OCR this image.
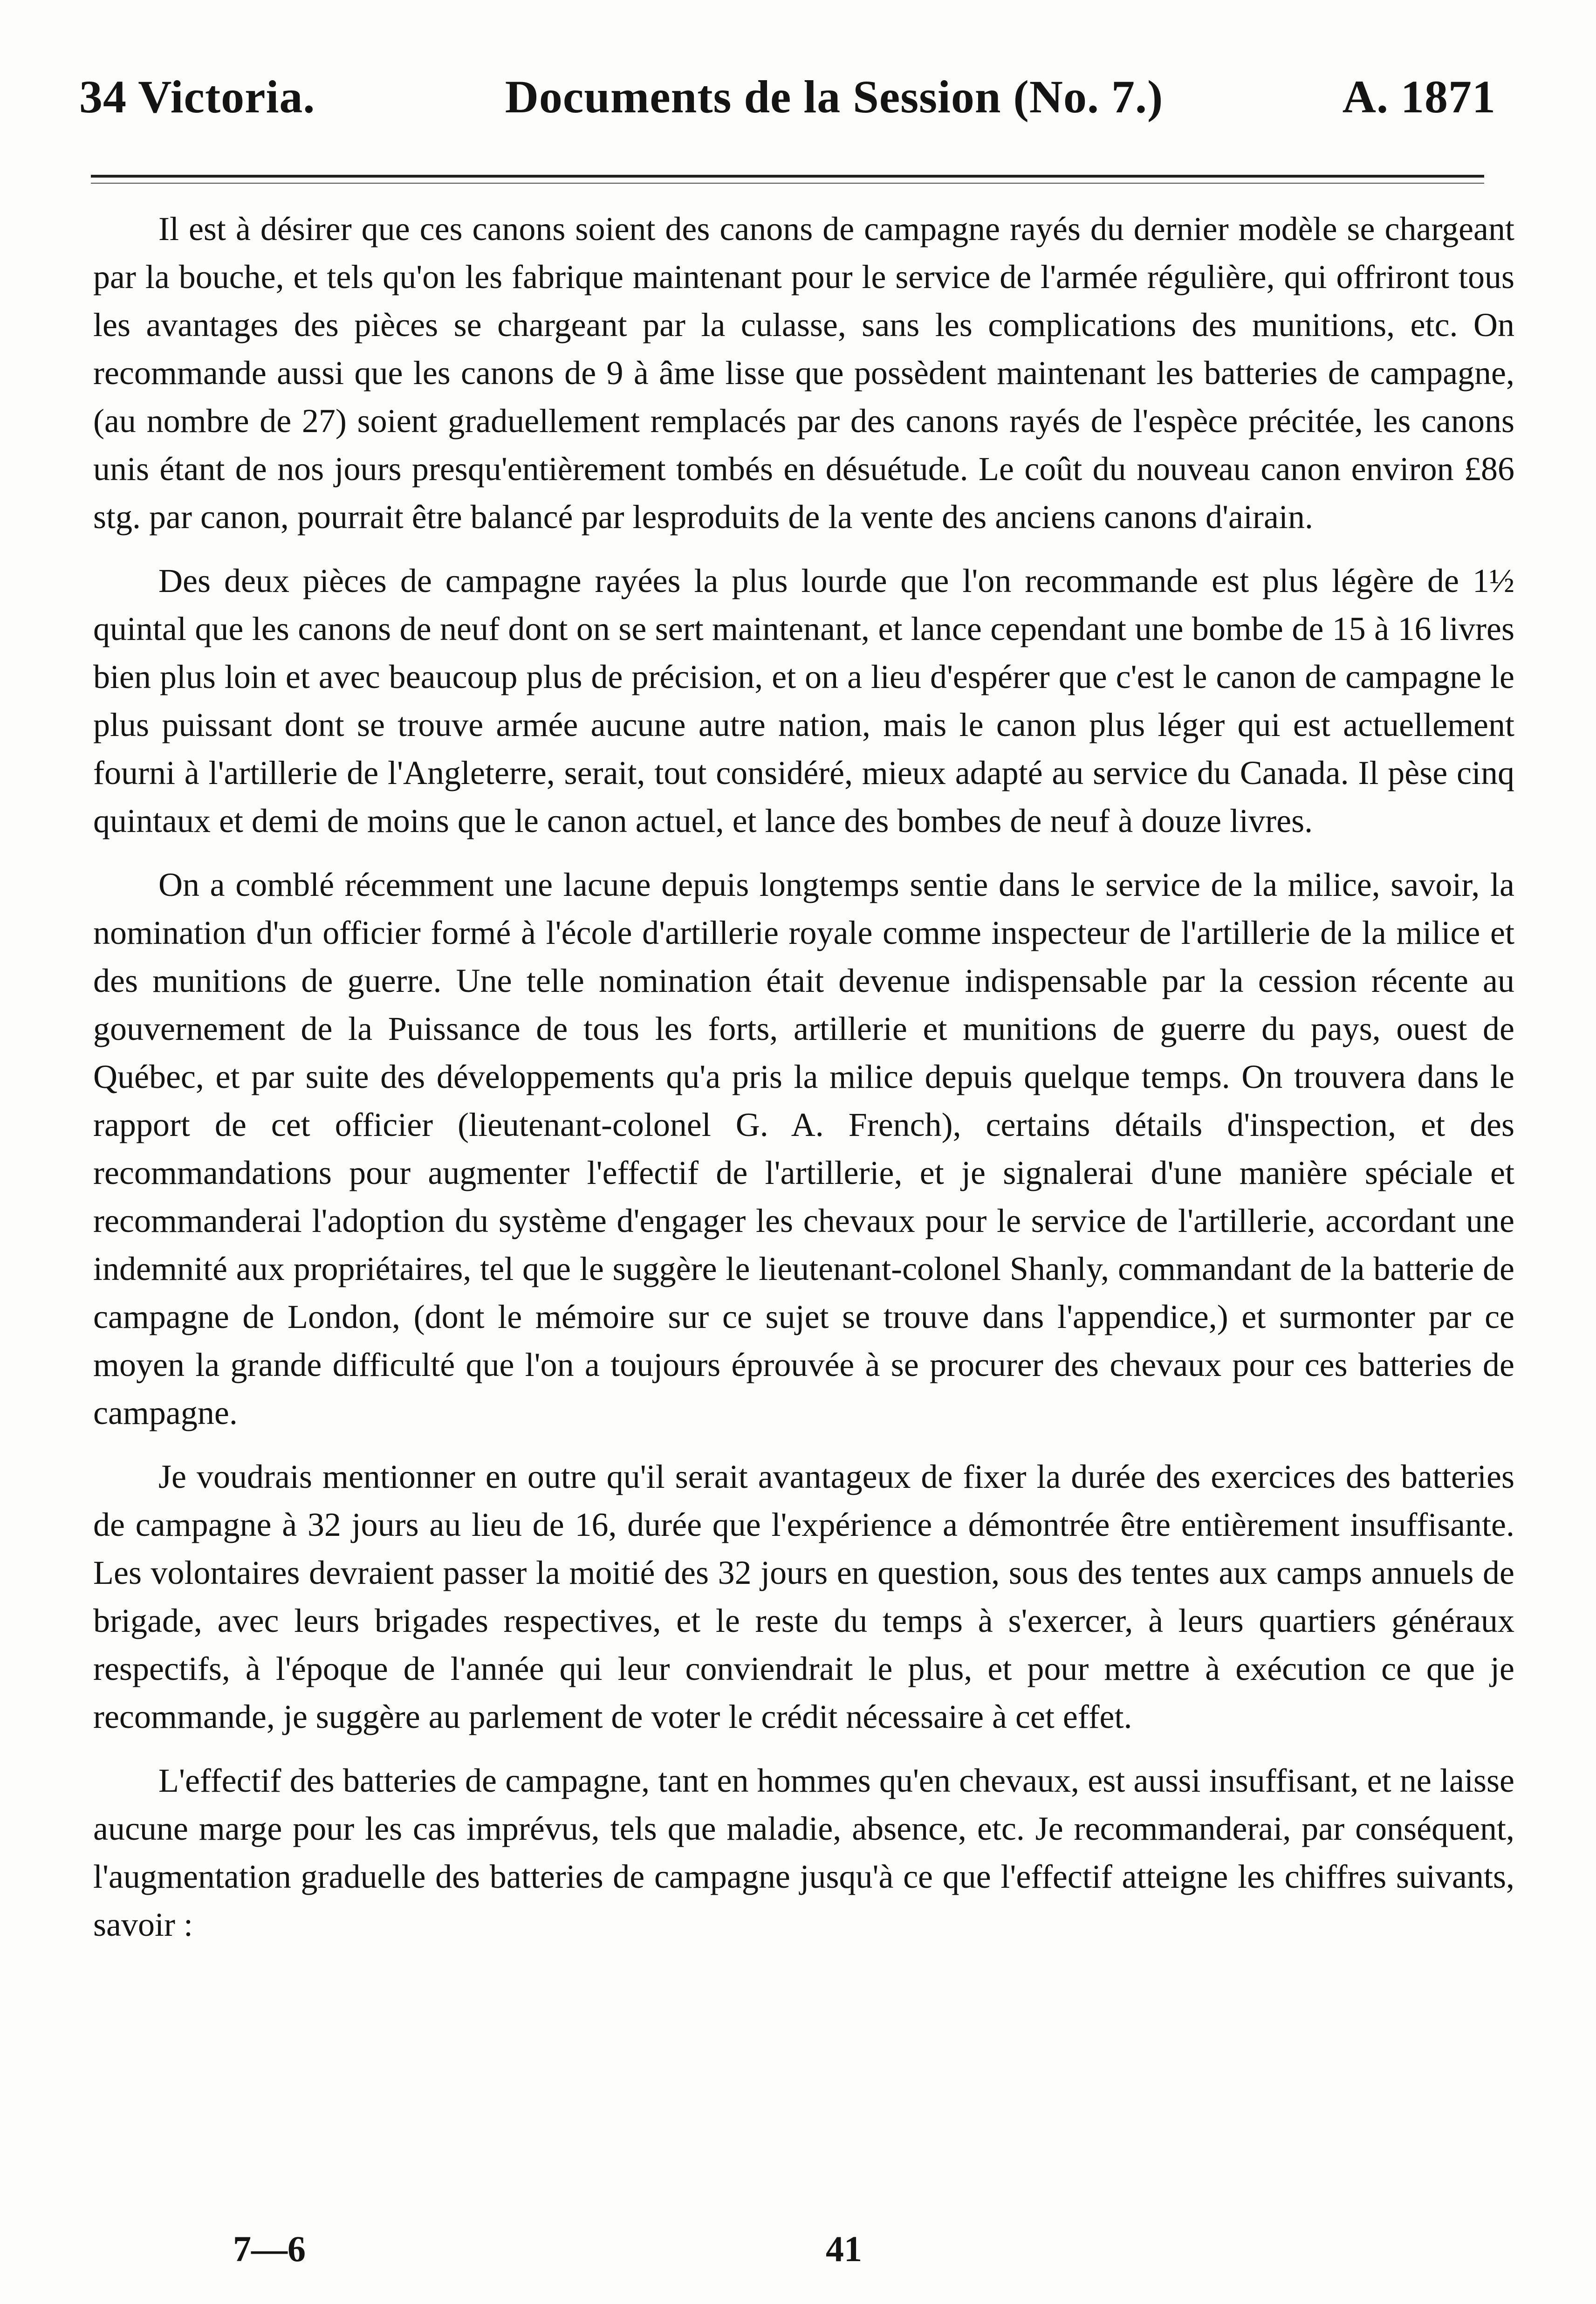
34 Victoria.	Documents de la Session (No. 7.)	A. 1871

Il est à désirer que ces canons soient des canons de campagne rayés du dernier modèle se chargeant par la bouche, et tels qu'on les fabrique maintenant pour le service de l'armée régulière, qui offriront tous les avantages des pièces se chargeant par la culasse, sans les complications des munitions, etc. On recommande aussi que les canons de 9 à âme lisse que possèdent maintenant les batteries de campagne, (au nombre de 27) soient graduellement remplacés par des canons rayés de l'espèce précitée, les canons unis étant de nos jours presqu'entièrement tombés en désuétude. Le coût du nouveau canon environ £86 stg. par canon, pourrait être balancé par lesproduits de la vente des anciens canons d'airain.

Des deux pièces de campagne rayées la plus lourde que l'on recommande est plus légère de 1½ quintal que les canons de neuf dont on se sert maintenant, et lance cependant une bombe de 15 à 16 livres bien plus loin et avec beaucoup plus de précision, et on a lieu d'espérer que c'est le canon de campagne le plus puissant dont se trouve armée aucune autre nation, mais le canon plus léger qui est actuellement fourni à l'artillerie de l'Angleterre, serait, tout considéré, mieux adapté au service du Canada. Il pèse cinq quintaux et demi de moins que le canon actuel, et lance des bombes de neuf à douze livres.

On a comblé récemment une lacune depuis longtemps sentie dans le service de la milice, savoir, la nomination d'un officier formé à l'école d'artillerie royale comme inspecteur de l'artillerie de la milice et des munitions de guerre. Une telle nomination était devenue indispensable par la cession récente au gouvernement de la Puissance de tous les forts, artillerie et munitions de guerre du pays, ouest de Québec, et par suite des développements qu'a pris la milice depuis quelque temps. On trouvera dans le rapport de cet officier (lieutenant-colonel G. A. French), certains détails d'inspection, et des recommandations pour augmenter l'effectif de l'artillerie, et je signalerai d'une manière spéciale et recommanderai l'adoption du système d'engager les chevaux pour le service de l'artillerie, accordant une indemnité aux propriétaires, tel que le suggère le lieutenant-colonel Shanly, commandant de la batterie de campagne de London, (dont le mémoire sur ce sujet se trouve dans l'appendice,) et surmonter par ce moyen la grande difficulté que l'on a toujours éprouvée à se procurer des chevaux pour ces batteries de campagne.

Je voudrais mentionner en outre qu'il serait avantageux de fixer la durée des exercices des batteries de campagne à 32 jours au lieu de 16, durée que l'expérience a démontrée être entièrement insuffisante. Les volontaires devraient passer la moitié des 32 jours en question, sous des tentes aux camps annuels de brigade, avec leurs brigades respectives, et le reste du temps à s'exercer, à leurs quartiers généraux respectifs, à l'époque de l'année qui leur conviendrait le plus, et pour mettre à exécution ce que je recommande, je suggère au parlement de voter le crédit nécessaire à cet effet.

L'effectif des batteries de campagne, tant en hommes qu'en chevaux, est aussi insuffisant, et ne laisse aucune marge pour les cas imprévus, tels que maladie, absence, etc. Je recommanderai, par conséquent, l'augmentation graduelle des batteries de campagne jusqu'à ce que l'effectif atteigne les chiffres suivants, savoir :

7—6	41
